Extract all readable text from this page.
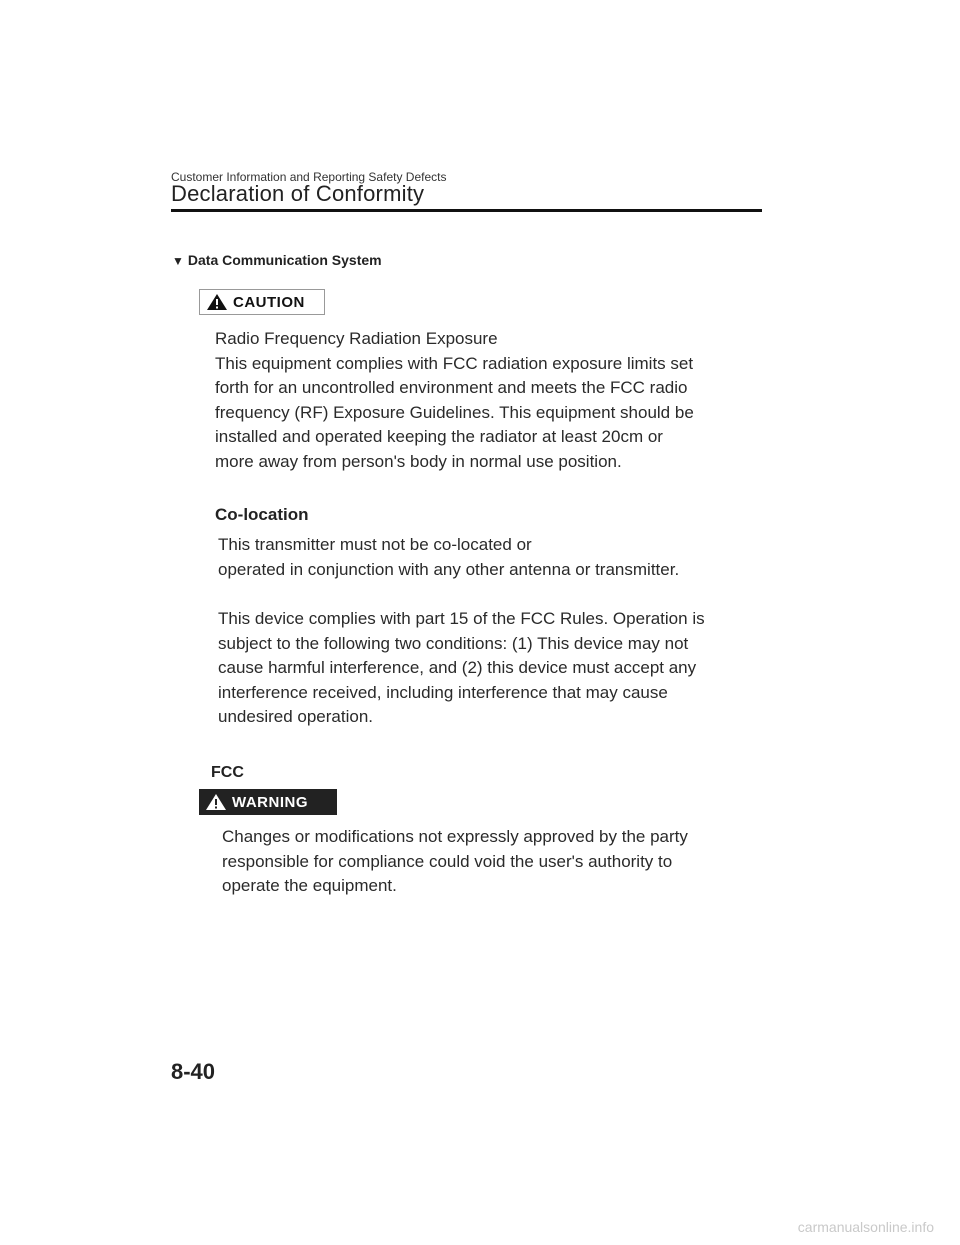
Customer Information and Reporting Safety Defects
Declaration of Conformity
▼ Data Communication System
CAUTION
Radio Frequency Radiation Exposure
This equipment complies with FCC radiation exposure limits set
forth for an uncontrolled environment and meets the FCC radio
frequency (RF) Exposure Guidelines. This equipment should be
installed and operated keeping the radiator at least 20cm or
more away from person's body in normal use position.
Co-location
This transmitter must not be co-located or
operated in conjunction with any other antenna or transmitter.
This device complies with part 15 of the FCC Rules. Operation is
subject to the following two conditions: (1) This device may not
cause harmful interference, and (2) this device must accept any
interference received, including interference that may cause
undesired operation.
FCC
WARNING
Changes or modifications not expressly approved by the party
responsible for compliance could void the user's authority to
operate the equipment.
8-40
carmanualsonline.info
